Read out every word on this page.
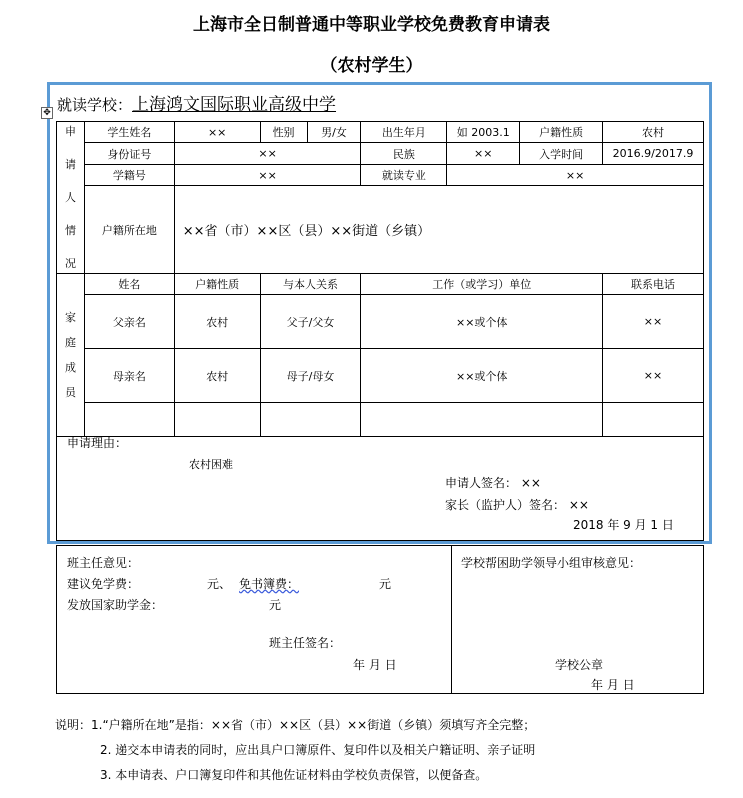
上海市全日制普通中等职业学校免费教育申请表
（农村学生）
✥ 就读学校：上海鸿文国际职业高级中学
申
请
人
情
况	学生姓名	××	性别	男/女	出生年月	如 2003.1	户籍性质	农村
	身份证号	××			民族	××	入学时间	2016.9/2017.9
	学籍号	××			就读专业	××		
	户籍所在地	××省（市）××区（县）××街道（乡镇）						

家
庭
成
员	姓名	户籍性质	与本人关系		工作（或学习）单位			联系电话
	父亲名	农村	父子/父女		××或个体			××
	母亲名	农村	母子/母女		××或个体			××

申请理由：
农村困难
申请人签名： ××
家长（监护人）签名： ××
2018 年 9 月 1 日
班主任意见：
建议免学费：	元、 免书簿费：	元
发放国家助学金：	元
班主任签名：
年 月 日
学校帮困助学领导小组审核意见：
学校公章
年 月 日
说明：1.“户籍所在地”是指：××省（市）××区（县）××街道（乡镇）须填写齐全完整；
2. 递交本申请表的同时，应出具户口簿原件、复印件以及相关户籍证明、亲子证明
3. 本申请表、户口簿复印件和其他佐证材料由学校负责保管，以便备查。
